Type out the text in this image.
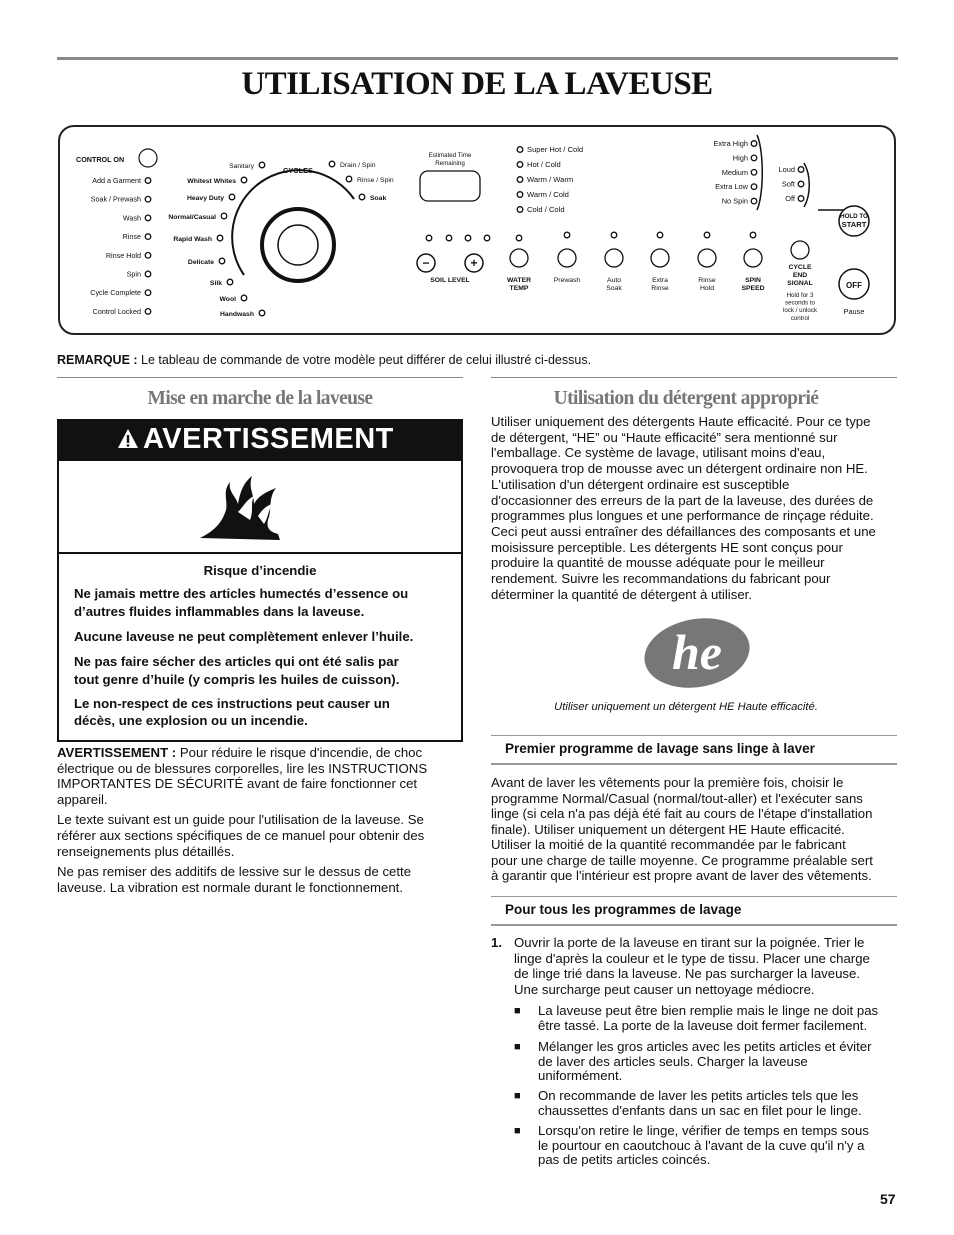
UTILISATION DE LA LAVEUSE
CONTROL ON
Add a Garment
Soak / Prewash
Wash
Rinse
Rinse Hold
Spin
Cycle Complete
Control Locked
CYCLES
Sanitary
Whitest Whites
Heavy Duty
Normal/Casual
Rapid Wash
Delicate
Silk
Wool
Handwash
Drain / Spin
Rinse / Spin
Soak
Estimated Time
Remaining
Super Hot / Cold
Hot / Cold
Warm / Warm
Warm / Cold
Cold / Cold
Extra High
High
Medium
Extra Low
No Spin
Loud
Soft
Off
−	+
SOIL LEVEL	WATER
TEMP
Prewash	Auto
Soak
Extra
Rinse
Rinse
Hold
SPIN
SPEED
CYCLE
END
SIGNAL
Hold for 3
seconds to
lock / unlock
control
HOLD TO
START
OFF
Pause
REMARQUE : Le tableau de commande de votre modèle peut différer de celui illustré ci-dessus.
Mise en marche de la laveuse
AVERTISSEMENT
Risque d’incendie
Ne jamais mettre des articles humectés d’essence ou
d’autres fluides inflammables dans la laveuse.
Aucune laveuse ne peut complètement enlever l’huile.
Ne pas faire sécher des articles qui ont été salis par
tout genre d’huile (y compris les huiles de cuisson).
Le non-respect de ces instructions peut causer un
décès, une explosion ou un incendie.
AVERTISSEMENT : Pour réduire le risque d'incendie, de choc
électrique ou de blessures corporelles, lire les INSTRUCTIONS
IMPORTANTES DE SÉCURITÉ avant de faire fonctionner cet
appareil.
Le texte suivant est un guide pour l'utilisation de la laveuse. Se
référer aux sections spécifiques de ce manuel pour obtenir des
renseignements plus détaillés.
Ne pas remiser des additifs de lessive sur le dessus de cette
laveuse. La vibration est normale durant le fonctionnement.
Utilisation du détergent approprié
Utiliser uniquement des détergents Haute efficacité. Pour ce type
de détergent, “HE” ou “Haute efficacité” sera mentionné sur
l'emballage. Ce système de lavage, utilisant moins d'eau,
provoquera trop de mousse avec un détergent ordinaire non HE.
L'utilisation d'un détergent ordinaire est susceptible
d'occasionner des erreurs de la part de la laveuse, des durées de
programmes plus longues et une performance de rinçage réduite.
Ceci peut aussi entraîner des défaillances des composants et une
moisissure perceptible. Les détergents HE sont conçus pour
produire la quantité de mousse adéquate pour le meilleur
rendement. Suivre les recommandations du fabricant pour
déterminer la quantité de détergent à utiliser.
he
Utiliser uniquement un détergent HE Haute efficacité.
Premier programme de lavage sans linge à laver
Avant de laver les vêtements pour la première fois, choisir le
programme Normal/Casual (normal/tout-aller) et l'exécuter sans
linge (si cela n'a pas déjà été fait au cours de l'étape d'installation
finale). Utiliser uniquement un détergent HE Haute efficacité.
Utiliser la moitié de la quantité recommandée par le fabricant
pour une charge de taille moyenne. Ce programme préalable sert
à garantir que l'intérieur est propre avant de laver des vêtements.
Pour tous les programmes de lavage
1. Ouvrir la porte de la laveuse en tirant sur la poignée. Trier le
linge d'après la couleur et le type de tissu. Placer une charge
de linge trié dans la laveuse. Ne pas surcharger la laveuse.
Une surcharge peut causer un nettoyage médiocre.
■ La laveuse peut être bien remplie mais le linge ne doit pas
être tassé. La porte de la laveuse doit fermer facilement.
■ Mélanger les gros articles avec les petits articles et éviter
de laver des articles seuls. Charger la laveuse
uniformément.
■ On recommande de laver les petits articles tels que les
chaussettes d'enfants dans un sac en filet pour le linge.
■ Lorsqu'on retire le linge, vérifier de temps en temps sous
le pourtour en caoutchouc à l'avant de la cuve qu'il n'y a
pas de petits articles coincés.
57
